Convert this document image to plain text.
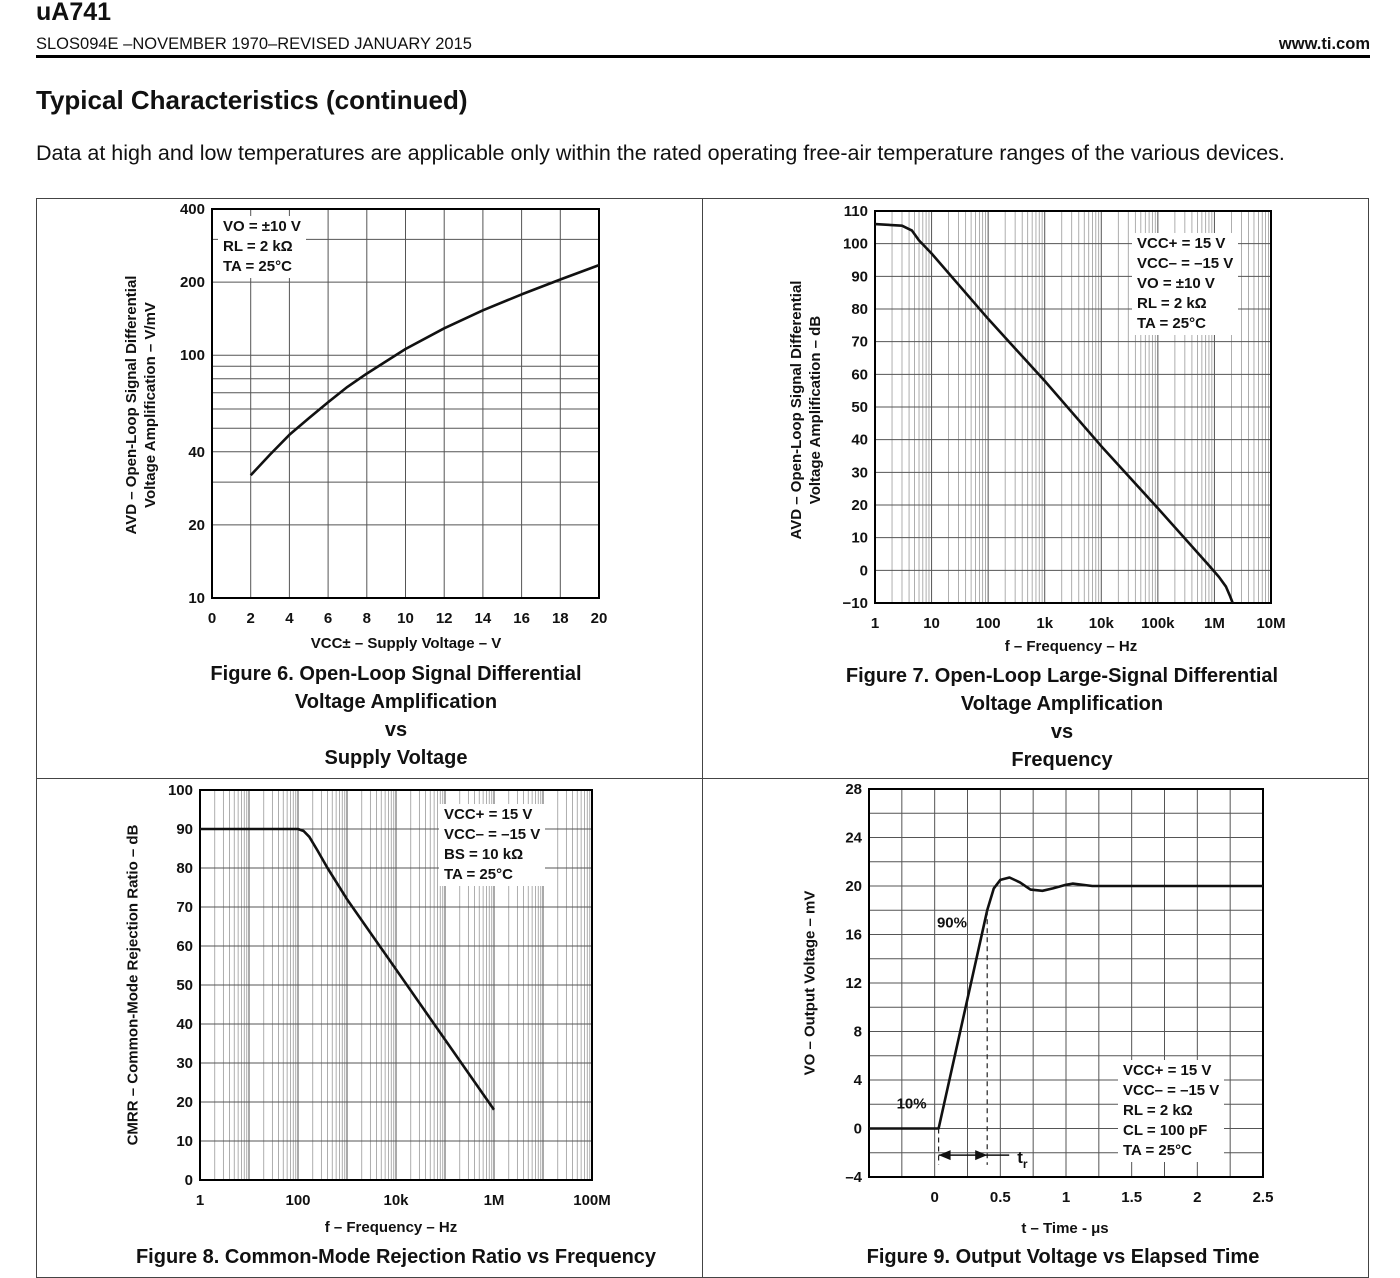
uA741
SLOS094E –NOVEMBER 1970–REVISED JANUARY 2015	www.ti.com
Typical Characteristics (continued)
Data at high and low temperatures are applicable only within the rated operating free-air temperature ranges of the various devices.
0 2 4 6 8 10 12 14 16 18 20
10
20
40
100
200
400
AVD – Open-Loop Signal Differential Voltage Amplification – V/mV
VCC± – Supply Voltage – V
VO = ±10 V
RL = 2 kΩ
TA = 25°C
Figure 6. Open-Loop Signal Differential
Voltage Amplification
vs
Supply Voltage
1	10 100 1k 10k 100k 1M 10M
−10
0
10
20
30
40
50
60
70
80
90
100
110
AVD – Open-Loop Signal Differential Voltage Amplification – dB
f – Frequency – Hz
VCC+ = 15 V
VCC– = –15 V
VO = ±10 V
RL = 2 kΩ
TA = 25°C
Figure 7. Open-Loop Large-Signal Differential
Voltage Amplification
vs
Frequency
1	100	10k	1M	100M
0
10
20
30
40
50
60
70
80
90
100
CMRR – Common-Mode Rejection Ratio – dB
f – Frequency – Hz
VCC+ = 15 V
VCC– = –15 V
BS = 10 kΩ
TA = 25°C
Figure 8. Common-Mode Rejection Ratio vs Frequency
0	0.5	1	1.5	2	2.5
–4
0
4
8
12
16
20
24
28
90%
10%
$t_r$
VO – Output Voltage – mV
t – Time - μs
VCC+ = 15 V
VCC– = –15 V
RL = 2 kΩ
CL = 100 pF
TA = 25°C
Figure 9. Output Voltage vs Elapsed Time
